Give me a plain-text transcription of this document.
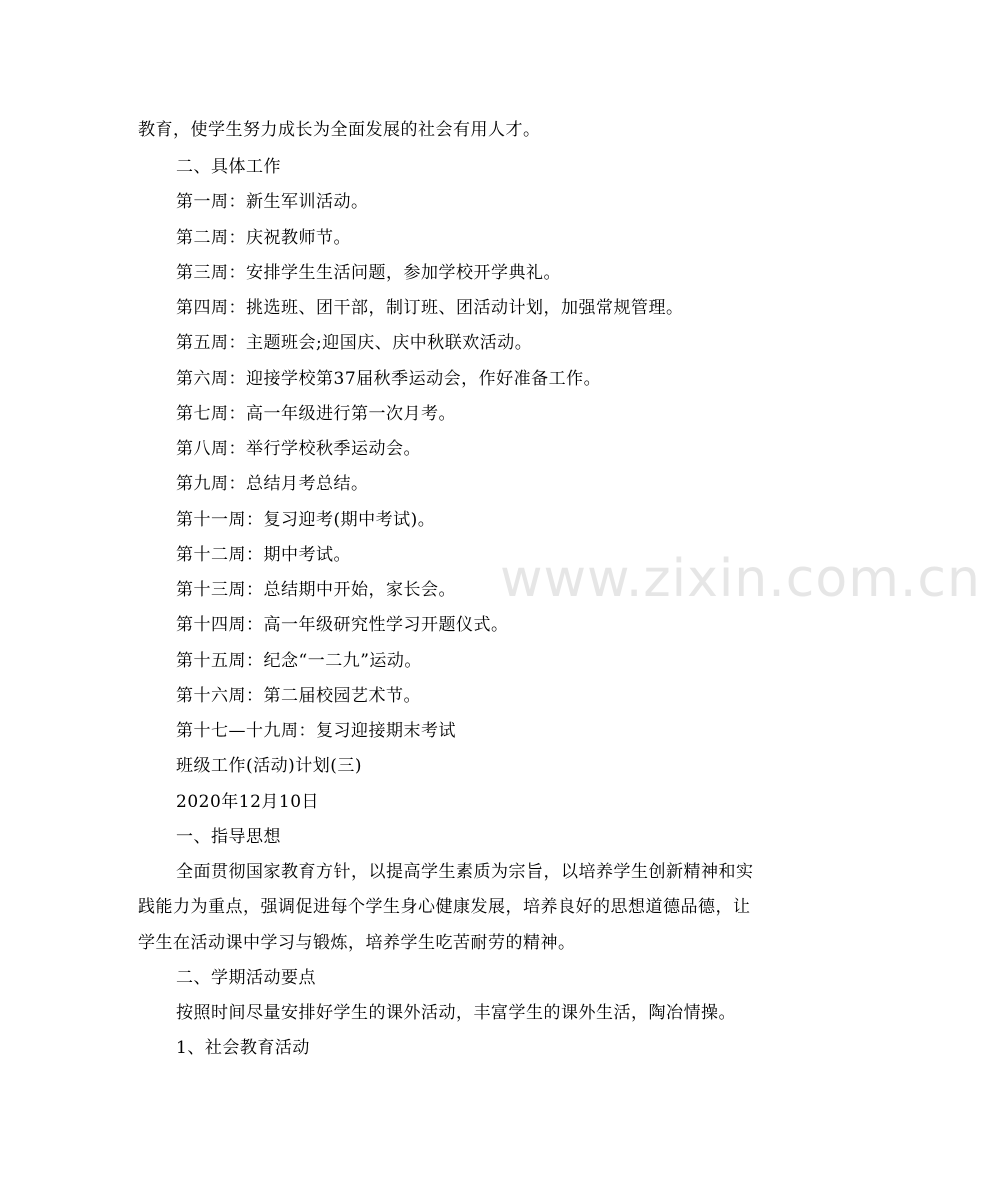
www.zixin.com.cn
教育，使学生努力成长为全面发展的社会有用人才。
二、具体工作
第一周：新生军训活动。
第二周：庆祝教师节。
第三周：安排学生生活问题，参加学校开学典礼。
第四周：挑选班、团干部，制订班、团活动计划，加强常规管理。
第五周：主题班会;迎国庆、庆中秋联欢活动。
第六周：迎接学校第37届秋季运动会，作好准备工作。
第七周：高一年级进行第一次月考。
第八周：举行学校秋季运动会。
第九周：总结月考总结。
第十一周：复习迎考(期中考试)。
第十二周：期中考试。
第十三周：总结期中开始，家长会。
第十四周：高一年级研究性学习开题仪式。
第十五周：纪念“一二九”运动。
第十六周：第二届校园艺术节。
第十七—十九周：复习迎接期末考试
班级工作(活动)计划(三)
2020年12月10日
一、指导思想
全面贯彻国家教育方针，以提高学生素质为宗旨，以培养学生创新精神和实
践能力为重点，强调促进每个学生身心健康发展，培养良好的思想道德品德，让
学生在活动课中学习与锻炼，培养学生吃苦耐劳的精神。
二、学期活动要点
按照时间尽量安排好学生的课外活动，丰富学生的课外生活，陶冶情操。
1、社会教育活动
